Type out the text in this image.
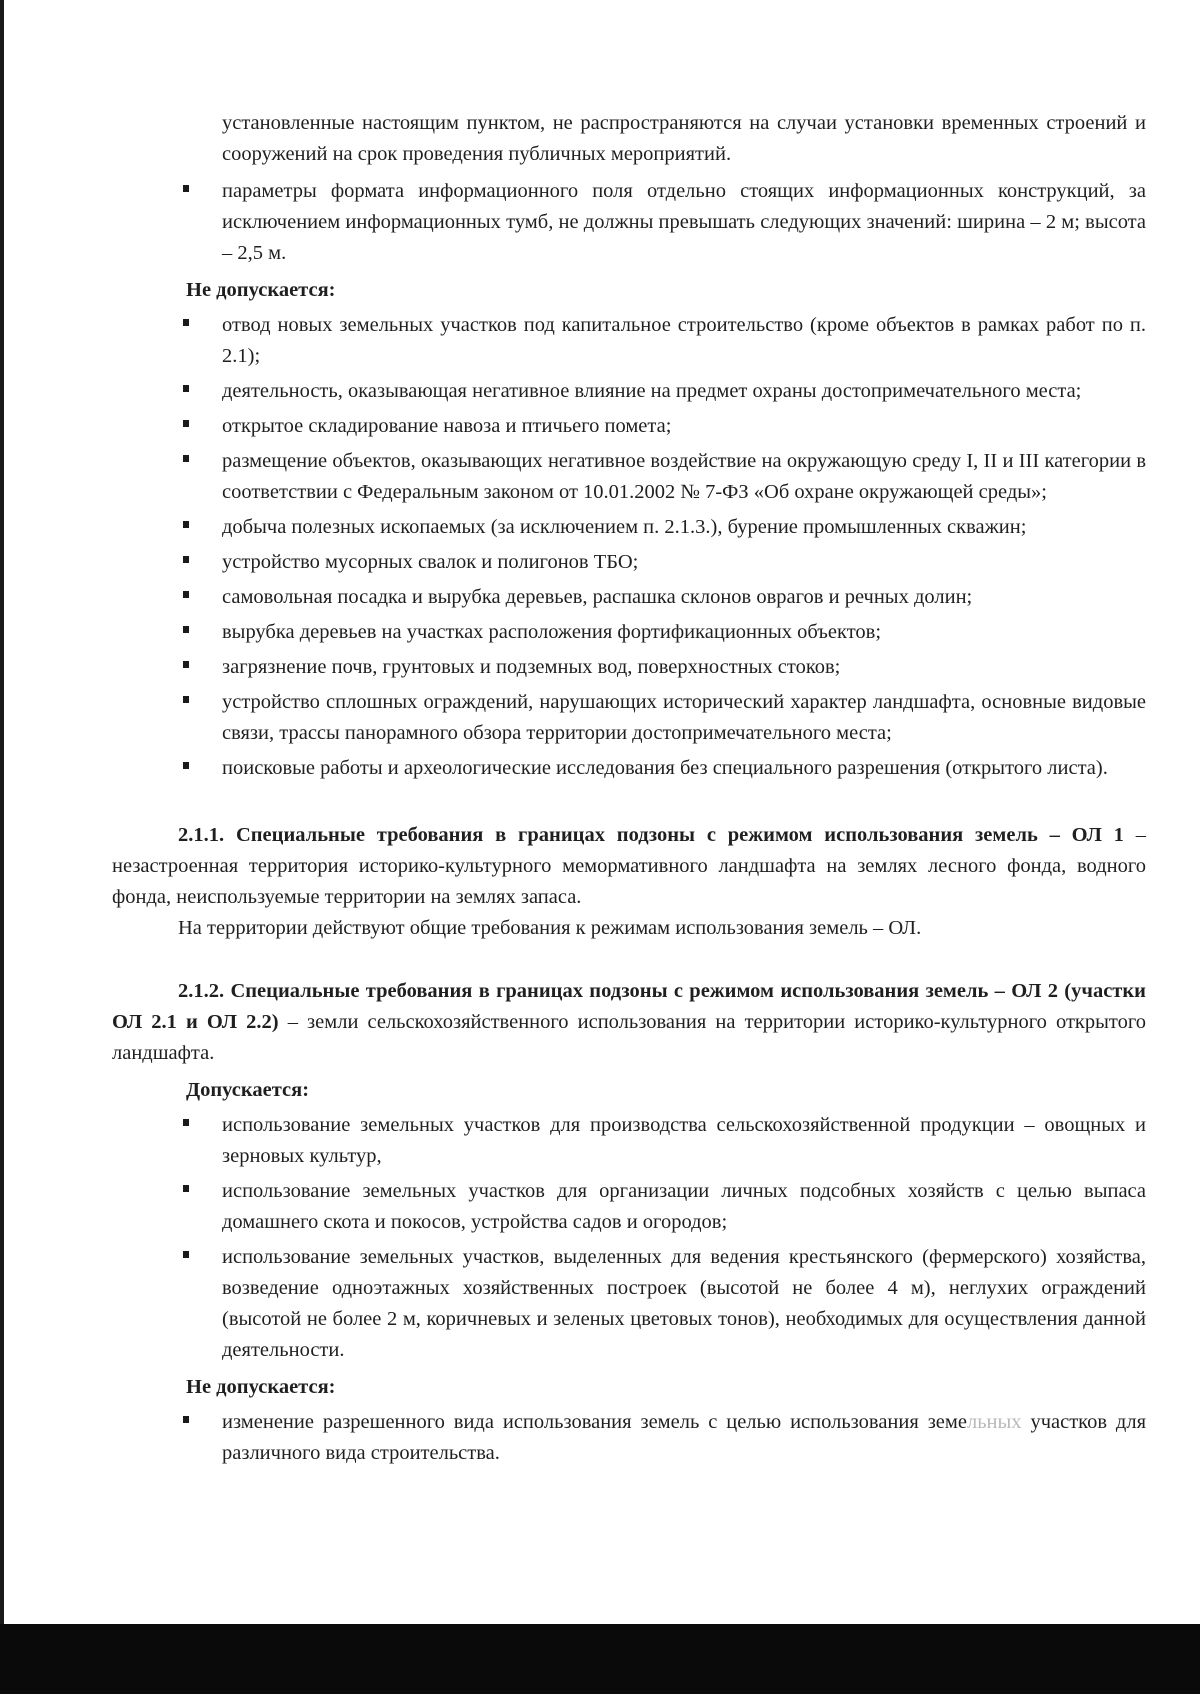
установленные настоящим пунктом, не распространяются на случаи установки временных строений и сооружений на срок проведения публичных мероприятий.

параметры формата информационного поля отдельно стоящих информационных конструкций, за исключением информационных тумб, не должны превышать следующих значений: ширина – 2 м; высота – 2,5 м.
Не допускается:
отвод новых земельных участков под капитальное строительство (кроме объектов в рамках работ по п. 2.1);
деятельность, оказывающая негативное влияние на предмет охраны достопримечательного места;
открытое складирование навоза и птичьего помета;
размещение объектов, оказывающих негативное воздействие на окружающую среду I, II и III категории в соответствии с Федеральным законом от 10.01.2002 № 7-ФЗ «Об охране окружающей среды»;
добыча полезных ископаемых (за исключением п. 2.1.3.), бурение промышленных скважин;
устройство мусорных свалок и полигонов ТБО;
самовольная посадка и вырубка деревьев, распашка склонов оврагов и речных долин;
вырубка деревьев на участках расположения фортификационных объектов;
загрязнение почв, грунтовых и подземных вод, поверхностных стоков;
устройство сплошных ограждений, нарушающих исторический характер ландшафта, основные видовые связи, трассы панорамного обзора территории достопримечательного места;
поисковые работы и археологические исследования без специального разрешения (открытого листа).

2.1.1. Специальные требования в границах подзоны с режимом использования земель – ОЛ 1 – незастроенная территория историко-культурного мемормативного ландшафта на землях лесного фонда, водного фонда, неиспользуемые территории на землях запаса.

На территории действуют общие требования к режимам использования земель – ОЛ.

2.1.2. Специальные требования в границах подзоны с режимом использования земель – ОЛ 2 (участки ОЛ 2.1 и ОЛ 2.2) – земли сельскохозяйственного использования на территории историко-культурного открытого ландшафта.

Допускается:
использование земельных участков для производства сельскохозяйственной продукции – овощных и зерновых культур,
использование земельных участков для организации личных подсобных хозяйств с целью выпаса домашнего скота и покосов, устройства садов и огородов;
использование земельных участков, выделенных для ведения крестьянского (фермерского) хозяйства, возведение одноэтажных хозяйственных построек (высотой не более 4 м), неглухих ограждений (высотой не более 2 м, коричневых и зеленых цветовых тонов), необходимых для осуществления данной деятельности.
Не допускается:
изменение разрешенного вида использования земель с целью использования земельных участков для различного вида строительства.
